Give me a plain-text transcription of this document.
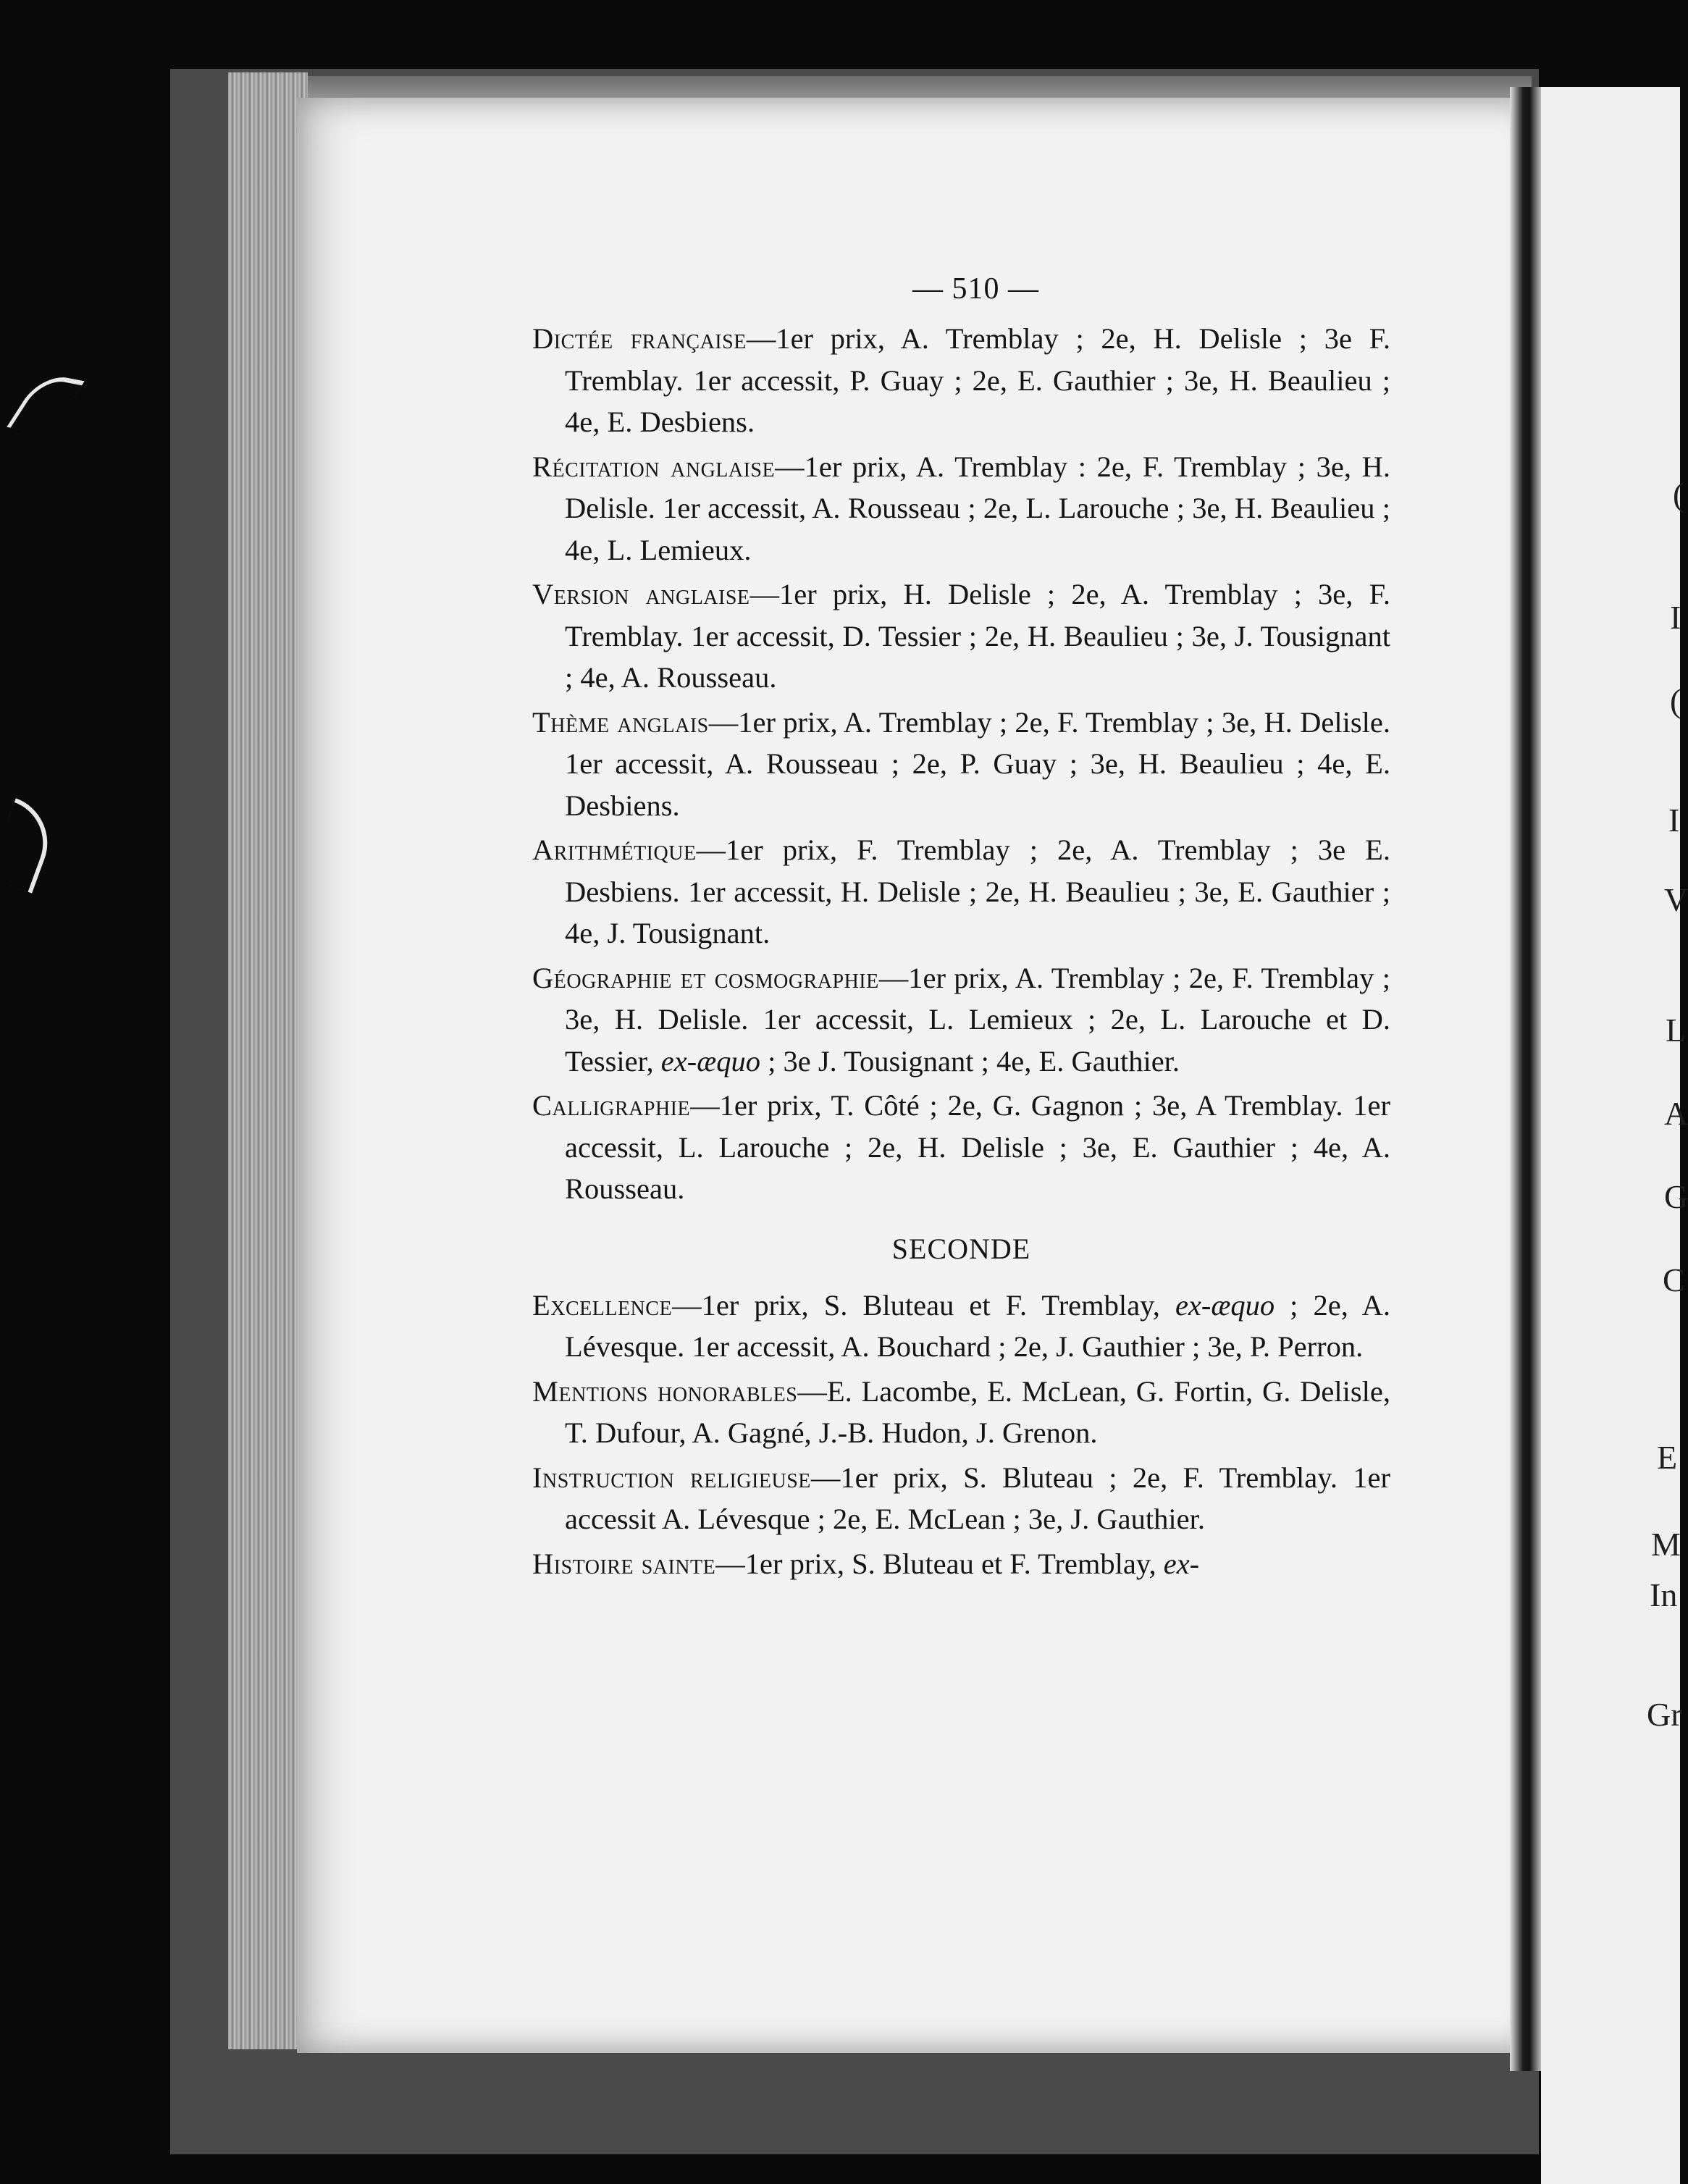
(
I
(
I
V
L
A
G
C
E
M
In
Gr
— 510 —

Dictée française—1er prix, A. Tremblay ; 2e, H. Delisle ; 3e F. Tremblay. 1er accessit, P. Guay ; 2e, E. Gauthier ; 3e, H. Beaulieu ; 4e, E. Desbiens.

Récitation anglaise—1er prix, A. Tremblay : 2e, F. Tremblay ; 3e, H. Delisle. 1er accessit, A. Rousseau ; 2e, L. Larouche ; 3e, H. Beaulieu ; 4e, L. Lemieux.

Version anglaise—1er prix, H. Delisle ; 2e, A. Tremblay ; 3e, F. Tremblay. 1er accessit, D. Tessier ; 2e, H. Beaulieu ; 3e, J. Tousignant ; 4e, A. Rousseau.

Thème anglais—1er prix, A. Tremblay ; 2e, F. Tremblay ; 3e, H. Delisle. 1er accessit, A. Rousseau ; 2e, P. Guay ; 3e, H. Beaulieu ; 4e, E. Desbiens.

Arithmétique—1er prix, F. Tremblay ; 2e, A. Tremblay ; 3e E. Desbiens. 1er accessit, H. Delisle ; 2e, H. Beaulieu ; 3e, E. Gauthier ; 4e, J. Tousignant.

Géographie et cosmographie—1er prix, A. Tremblay ; 2e, F. Tremblay ; 3e, H. Delisle. 1er accessit, L. Lemieux ; 2e, L. Larouche et D. Tessier, ex-æquo ; 3e J. Tousignant ; 4e, E. Gauthier.

Calligraphie—1er prix, T. Côté ; 2e, G. Gagnon ; 3e, A Tremblay. 1er accessit, L. Larouche ; 2e, H. Delisle ; 3e, E. Gauthier ; 4e, A. Rousseau.

SECONDE

Excellence—1er prix, S. Bluteau et F. Tremblay, ex-æquo ; 2e, A. Lévesque. 1er accessit, A. Bouchard ; 2e, J. Gauthier ; 3e, P. Perron.

Mentions honorables—E. Lacombe, E. McLean, G. Fortin, G. Delisle, T. Dufour, A. Gagné, J.-B. Hudon, J. Grenon.

Instruction religieuse—1er prix, S. Bluteau ; 2e, F. Tremblay. 1er accessit A. Lévesque ; 2e, E. McLean ; 3e, J. Gauthier.

Histoire sainte—1er prix, S. Bluteau et F. Tremblay, ex-
